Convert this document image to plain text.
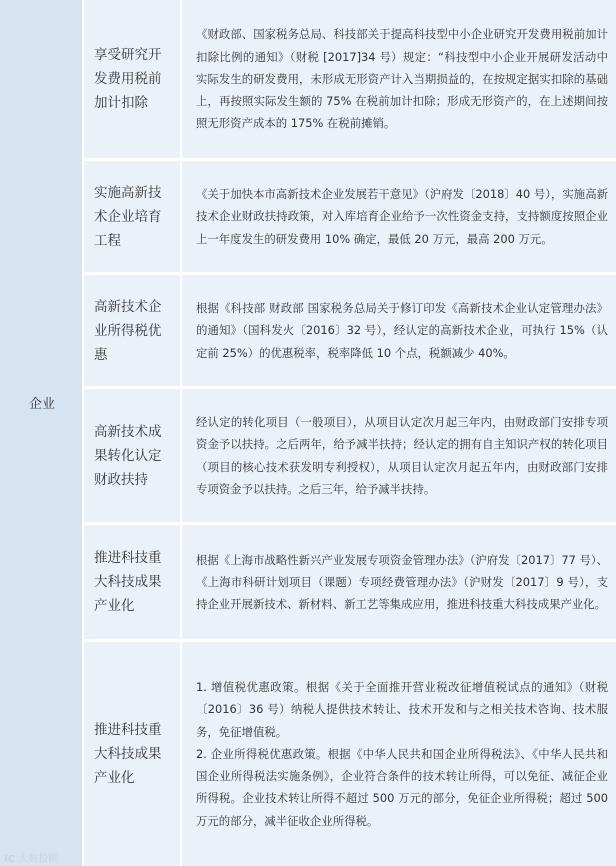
企业
享受研究开发费用税前加计扣除

《财政部、国家税务总局、科技部关于提高科技型中小企业研究开发费用税前加计扣除比例的通知》（财税 [2017]34 号）规定：“科技型中小企业开展研发活动中实际发生的研发费用，未形成无形资产计入当期损益的，在按规定据实扣除的基础上，再按照实际发生额的 75% 在税前加计扣除；形成无形资产的，在上述期间按照无形资产成本的 175% 在税前摊销。

实施高新技术企业培育工程

《关于加快本市高新技术企业发展若干意见》（沪府发〔2018〕40 号），实施高新技术企业财政扶持政策，对入库培育企业给予一次性资金支持，支持额度按照企业上一年度发生的研发费用 10% 确定，最低 20 万元，最高 200 万元。

高新技术企业所得税优惠

根据《科技部 财政部 国家税务总局关于修订印发《高新技术企业认定管理办法》的通知》（国科发火〔2016〕32 号），经认定的高新技术企业，可执行 15%（认定前 25%）的优惠税率，税率降低 10 个点，税额减少 40%。

高新技术成果转化认定财政扶持

经认定的转化项目（一般项目），从项目认定次月起三年内，由财政部门安排专项资金予以扶持。之后两年，给予减半扶持；经认定的拥有自主知识产权的转化项目（项目的核心技术获发明专利授权），从项目认定次月起五年内，由财政部门安排专项资金予以扶持。之后三年，给予减半扶持。

推进科技重大科技成果产业化

根据《上海市战略性新兴产业发展专项资金管理办法》（沪府发〔2017〕77 号）、《上海市科研计划项目（课题）专项经费管理办法》（沪财发〔2017〕9 号），支持企业开展新技术、新材料、新工艺等集成应用，推进科技重大科技成果产业化。

推进科技重大科技成果产业化

1. 增值税优惠政策。根据《关于全面推开营业税改征增值税试点的通知》（财税〔2016〕36 号）纳税人提供技术转让、技术开发和与之相关技术咨询、技术服务，免征增值税。
2. 企业所得税优惠政策。根据《中华人民共和国企业所得税法》、《中华人民共和国企业所得税法实施条例》，企业符合条件的技术转让所得，可以免征、减征企业所得税。企业技术转让所得不超过 500 万元的部分，免征企业所得税；超过 500 万元的部分，减半征收企业所得税。

IC 大数投顾
